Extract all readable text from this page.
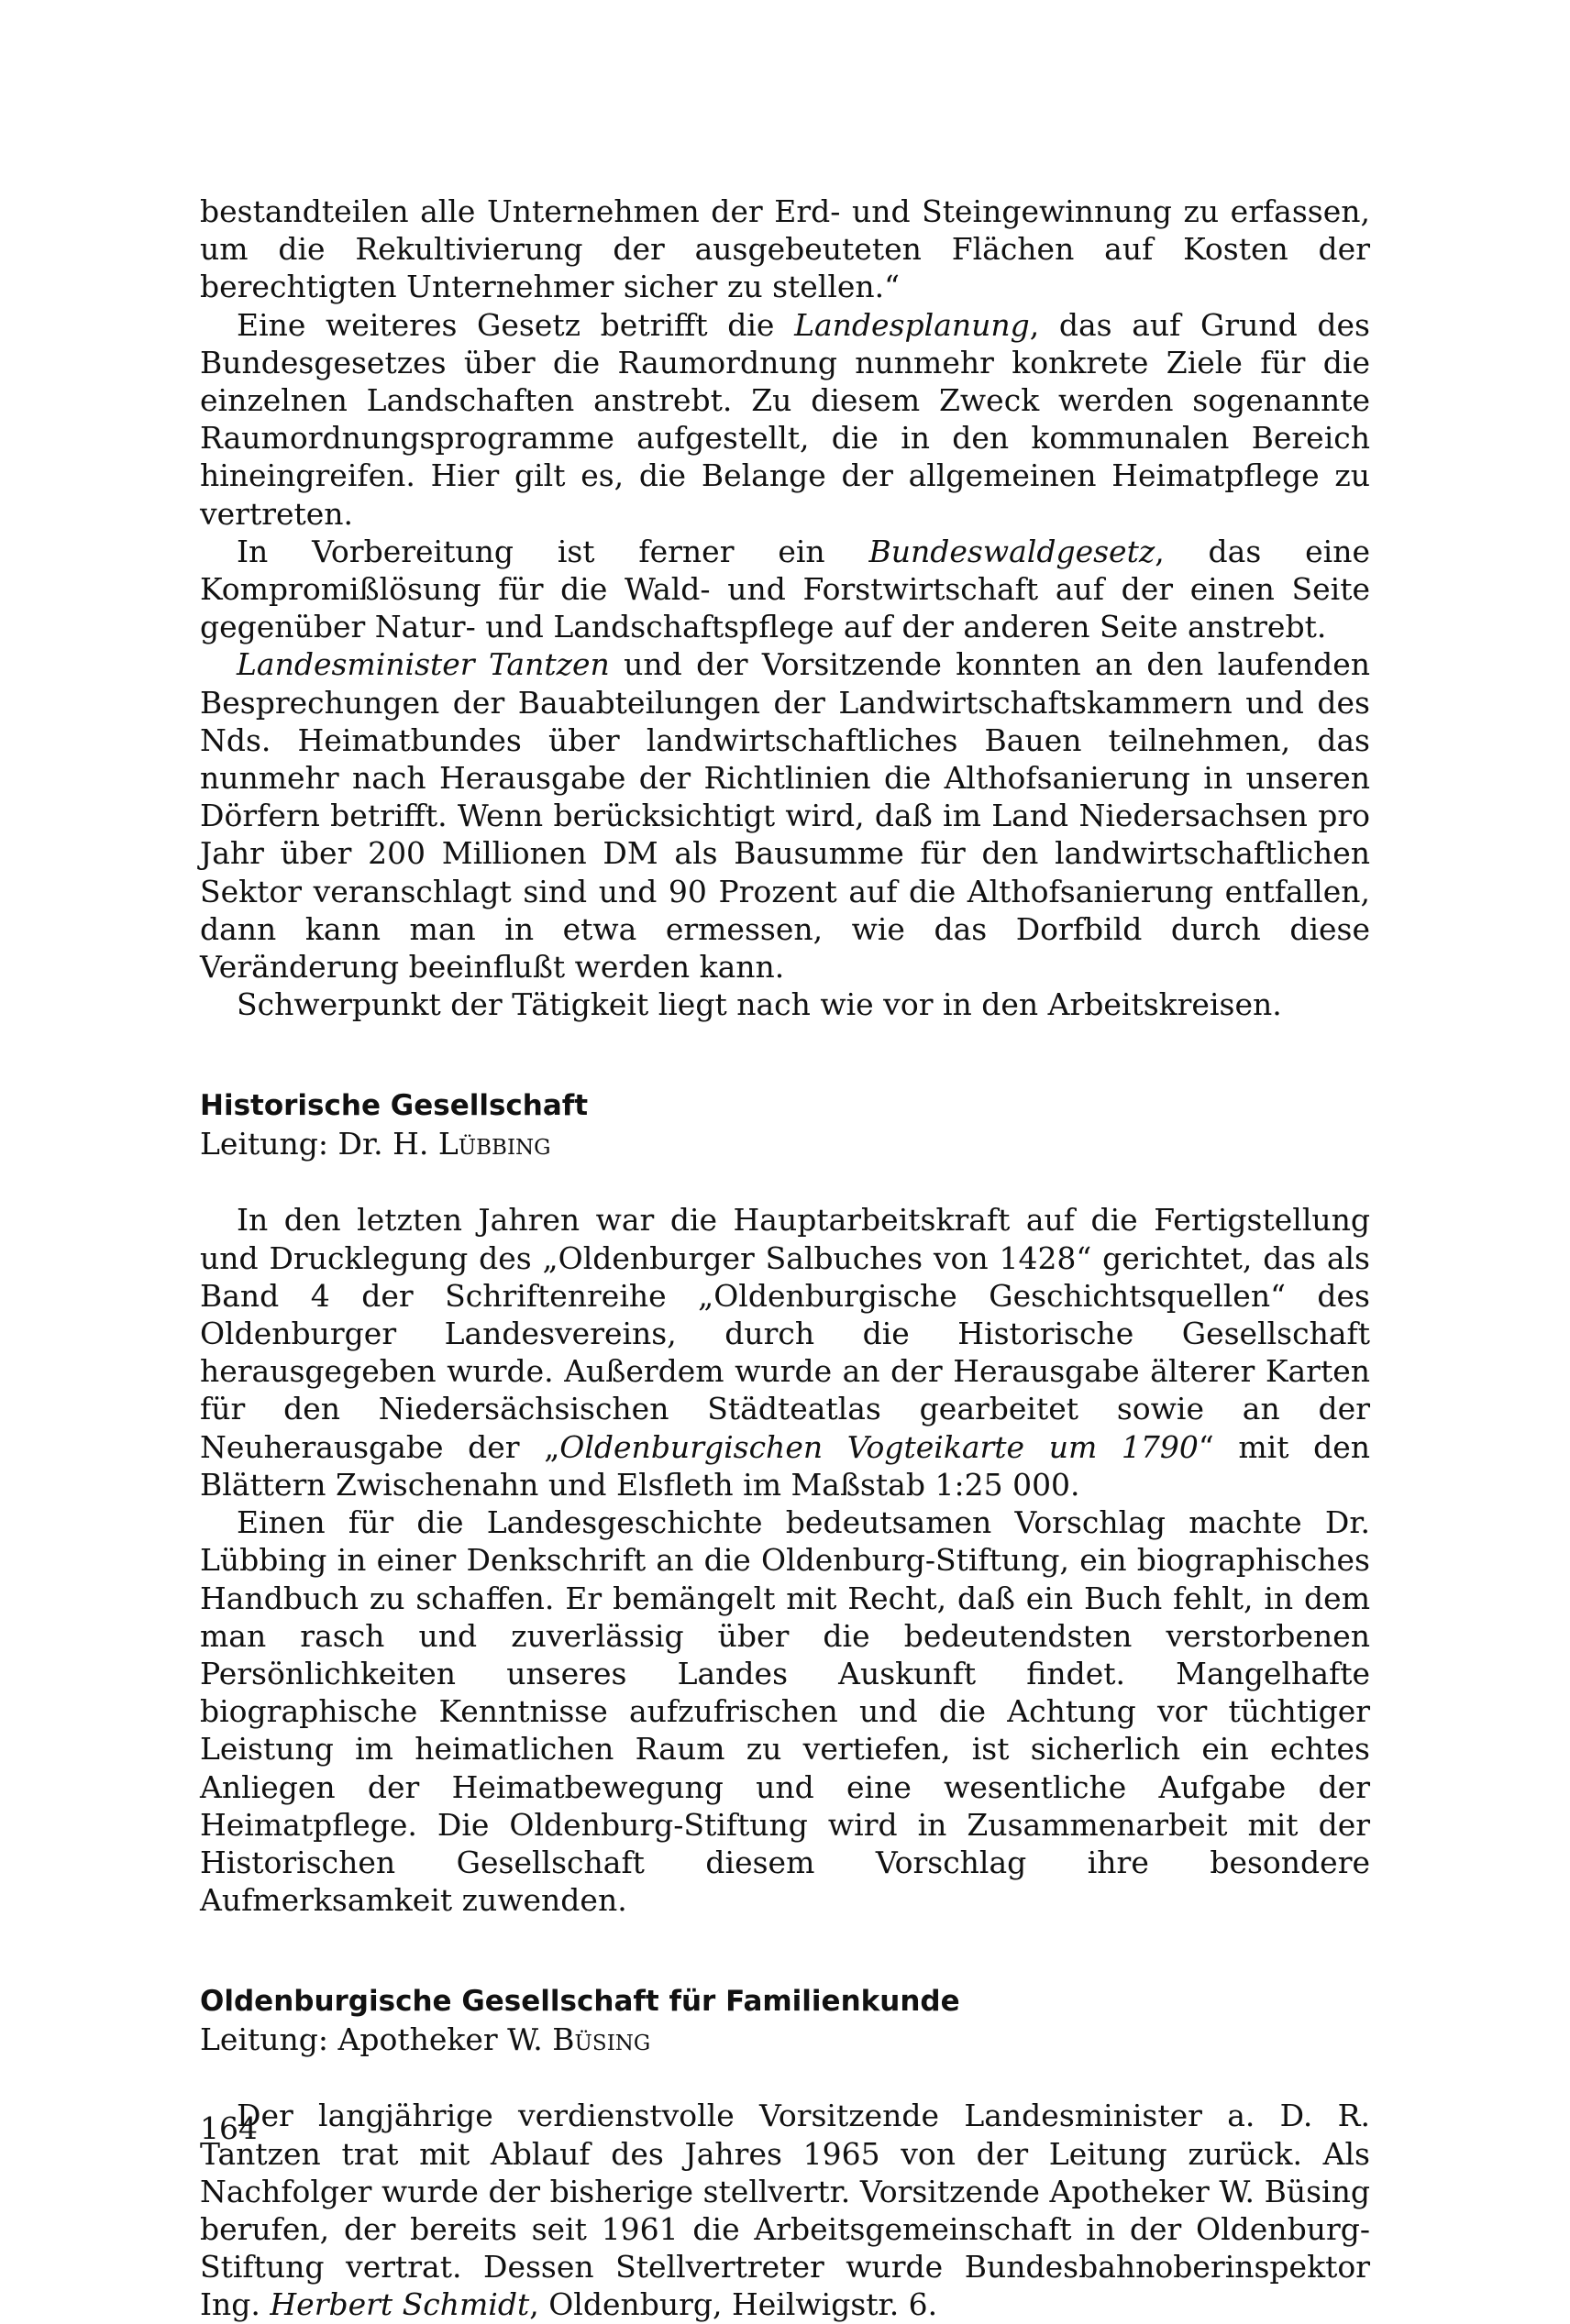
bestandteilen alle Unternehmen der Erd- und Steingewinnung zu erfassen, um die Rekultivierung der ausgebeuteten Flächen auf Kosten der berechtigten Unternehmer sicher zu stellen.“

Eine weiteres Gesetz betrifft die Landesplanung, das auf Grund des Bundesgesetzes über die Raumordnung nunmehr konkrete Ziele für die einzelnen Landschaften anstrebt. Zu diesem Zweck werden sogenannte Raumordnungsprogramme aufgestellt, die in den kommunalen Bereich hineingreifen. Hier gilt es, die Belange der allgemeinen Heimatpflege zu vertreten.

In Vorbereitung ist ferner ein Bundeswaldgesetz, das eine Kompromißlösung für die Wald- und Forstwirtschaft auf der einen Seite gegenüber Natur- und Landschaftspflege auf der anderen Seite anstrebt.

Landesminister Tantzen und der Vorsitzende konnten an den laufenden Besprechungen der Bauabteilungen der Landwirtschaftskammern und des Nds. Heimatbundes über landwirtschaftliches Bauen teilnehmen, das nunmehr nach Herausgabe der Richtlinien die Althofsanierung in unseren Dörfern betrifft. Wenn berücksichtigt wird, daß im Land Niedersachsen pro Jahr über 200 Millionen DM als Bausumme für den landwirtschaftlichen Sektor veranschlagt sind und 90 Prozent auf die Althofsanierung entfallen, dann kann man in etwa ermessen, wie das Dorfbild durch diese Veränderung beeinflußt werden kann.

Schwerpunkt der Tätigkeit liegt nach wie vor in den Arbeitskreisen.

Historische Gesellschaft

Leitung: Dr. H. Lübbing

In den letzten Jahren war die Hauptarbeitskraft auf die Fertigstellung und Drucklegung des „Oldenburger Salbuches von 1428“ gerichtet, das als Band 4 der Schriftenreihe „Oldenburgische Geschichtsquellen“ des Oldenburger Landesvereins, durch die Historische Gesellschaft herausgegeben wurde. Außerdem wurde an der Herausgabe älterer Karten für den Niedersächsischen Städteatlas gearbeitet sowie an der Neuherausgabe der „Oldenburgischen Vogteikarte um 1790“ mit den Blättern Zwischenahn und Elsfleth im Maßstab 1:25 000.

Einen für die Landesgeschichte bedeutsamen Vorschlag machte Dr. Lübbing in einer Denkschrift an die Oldenburg-Stiftung, ein biographisches Handbuch zu schaffen. Er bemängelt mit Recht, daß ein Buch fehlt, in dem man rasch und zuverlässig über die bedeutendsten verstorbenen Persönlichkeiten unseres Landes Auskunft findet. Mangelhafte biographische Kenntnisse aufzufrischen und die Achtung vor tüchtiger Leistung im heimatlichen Raum zu vertiefen, ist sicherlich ein echtes Anliegen der Heimatbewegung und eine wesentliche Aufgabe der Heimatpflege. Die Oldenburg-Stiftung wird in Zusammenarbeit mit der Historischen Gesellschaft diesem Vorschlag ihre besondere Aufmerksamkeit zuwenden.

Oldenburgische Gesellschaft für Familienkunde

Leitung: Apotheker W. Büsing

Der langjährige verdienstvolle Vorsitzende Landesminister a. D. R. Tantzen trat mit Ablauf des Jahres 1965 von der Leitung zurück. Als Nachfolger wurde der bisherige stellvertr. Vorsitzende Apotheker W. Büsing berufen, der bereits seit 1961 die Arbeitsgemeinschaft in der Oldenburg-Stiftung vertrat. Dessen Stellvertreter wurde Bundesbahnoberinspektor Ing. Herbert Schmidt, Oldenburg, Heilwigstr. 6.

164
